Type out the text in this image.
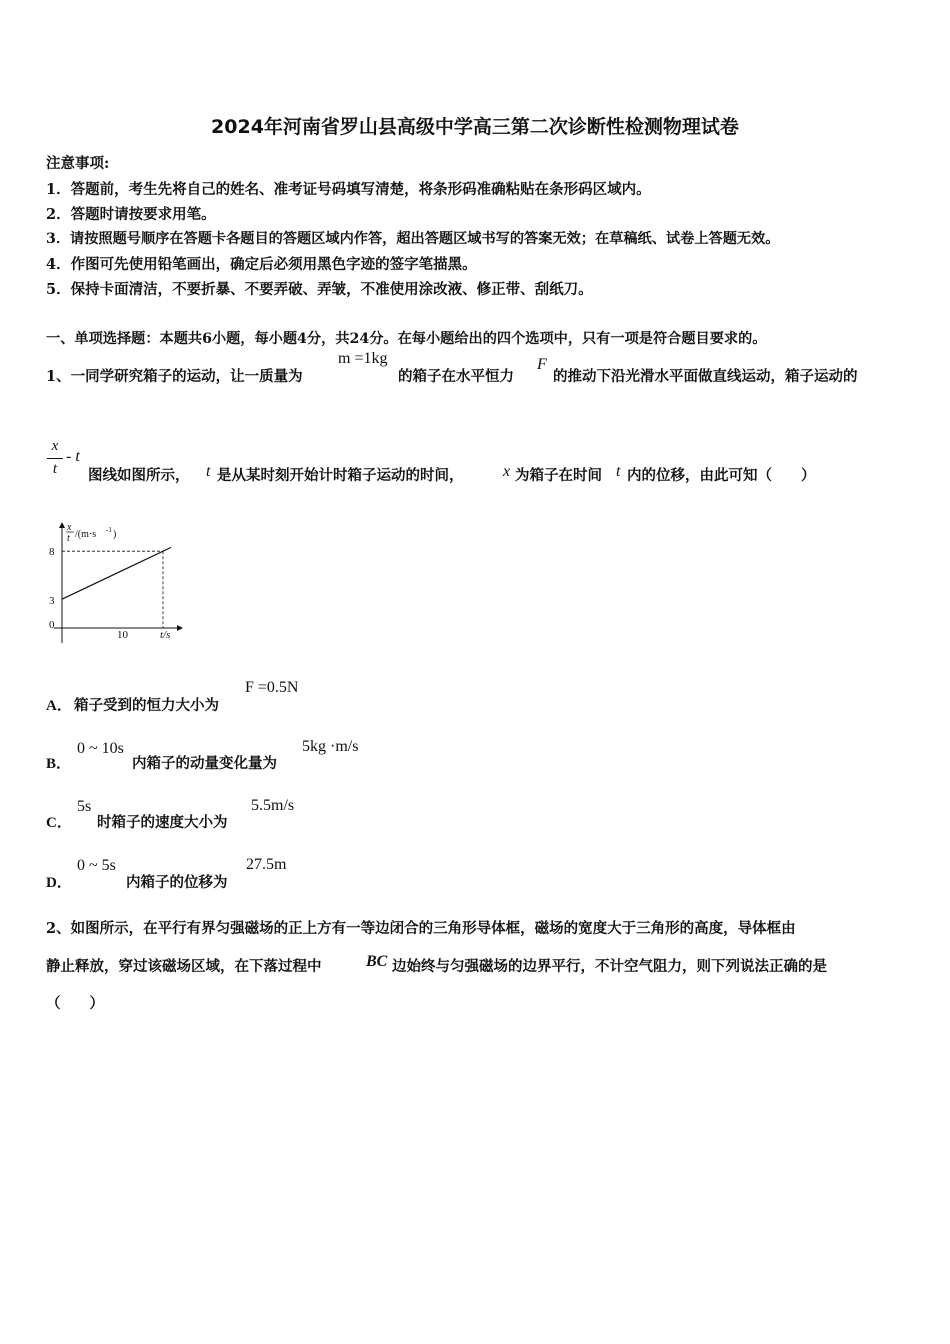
2024年河南省罗山县高级中学高三第二次诊断性检测物理试卷
注意事项:
1．答题前，考生先将自己的姓名、准考证号码填写清楚，将条形码准确粘贴在条形码区域内。
2．答题时请按要求用笔。
3．请按照题号顺序在答题卡各题目的答题区域内作答，超出答题区域书写的答案无效；在草稿纸、试卷上答题无效。
4．作图可先使用铅笔画出，确定后必须用黑色字迹的签字笔描黑。
5．保持卡面清洁，不要折暴、不要弄破、弄皱，不准使用涂改液、修正带、刮纸刀。
一、单项选择题：本题共6小题，每小题4分，共24分。在每小题给出的四个选项中，只有一项是符合题目要求的。
1、一同学研究箱子的运动，让一质量为
m =1kg
的箱子在水平恒力
F
的推动下沿光滑水平面做直线运动，箱子运动的
x
t
- t
图线如图所示， t 是从某时刻开始计时箱子运动的时间， x 为箱子在时间 t 内的位移，由此可知（　　）
x
t /(m·s -1 )
t/s
8
3
0
10
A． 箱子受到的恒力大小为
F =0.5N
B．
0 ~ 10s
内箱子的动量变化量为
5kg ·m/s
C．
5s
时箱子的速度大小为
5.5m/s
D．
0 ~ 5s
内箱子的位移为
27.5m
2、如图所示，在平行有界匀强磁场的正上方有一等边闭合的三角形导体框，磁场的宽度大于三角形的高度，导体框由
静止释放，穿过该磁场区域，在下落过程中	BC 边始终与匀强磁场的边界平行，不计空气阻力，则下列说法正确的是
（　　）
